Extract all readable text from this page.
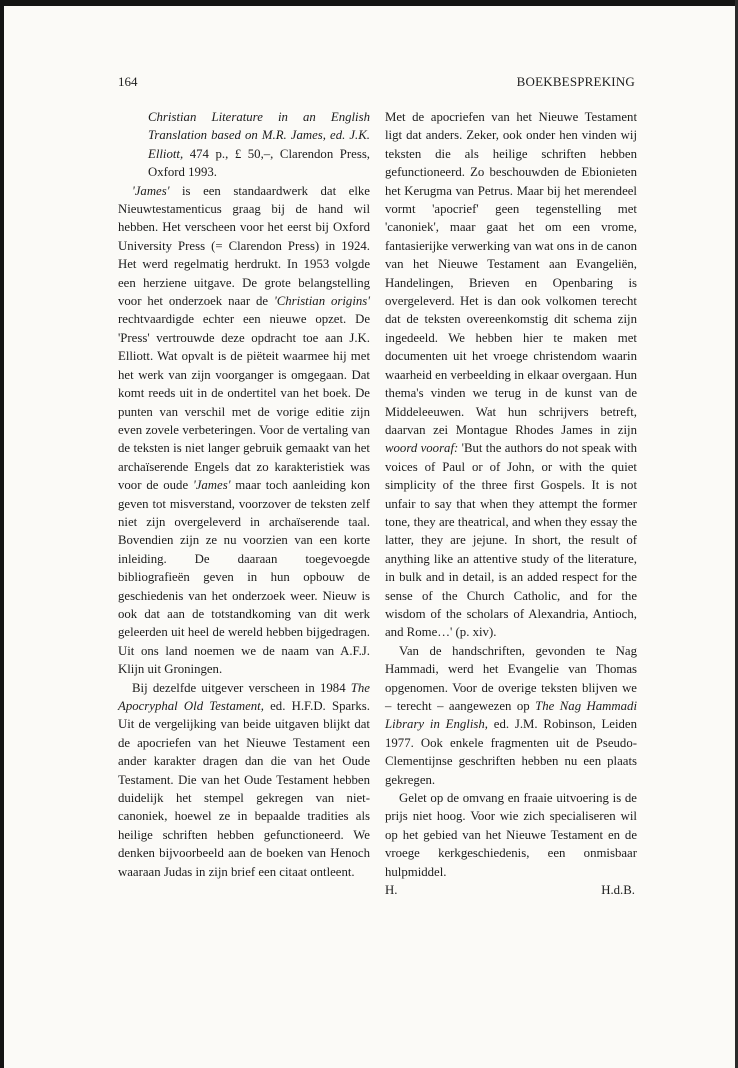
164	BOEKBESPREKING

Christian Literature in an English Translation based on M.R. James, ed. J.K. Elliott, 474 p., £ 50,–, Clarendon Press, Oxford 1993.

'James' is een standaardwerk dat elke Nieuwtestamenticus graag bij de hand wil hebben. Het verscheen voor het eerst bij Oxford University Press (= Clarendon Press) in 1924. Het werd regelmatig herdrukt. In 1953 volgde een herziene uitgave. De grote belangstelling voor het onderzoek naar de 'Christian origins' rechtvaardigde echter een nieuwe opzet. De 'Press' vertrouwde deze opdracht toe aan J.K. Elliott. Wat opvalt is de piëteit waarmee hij met het werk van zijn voorganger is omgegaan. Dat komt reeds uit in de ondertitel van het boek. De punten van verschil met de vorige editie zijn even zovele verbeteringen. Voor de vertaling van de teksten is niet langer gebruik gemaakt van het archaïserende Engels dat zo karakteristiek was voor de oude 'James' maar toch aanleiding kon geven tot misverstand, voorzover de teksten zelf niet zijn overgeleverd in archaïserende taal. Bovendien zijn ze nu voorzien van een korte inleiding. De daaraan toegevoegde bibliografieën geven in hun opbouw de geschiedenis van het onderzoek weer. Nieuw is ook dat aan de totstandkoming van dit werk geleerden uit heel de wereld hebben bijgedragen. Uit ons land noemen we de naam van A.F.J. Klijn uit Groningen.

Bij dezelfde uitgever verscheen in 1984 The Apocryphal Old Testament, ed. H.F.D. Sparks. Uit de vergelijking van beide uitgaven blijkt dat de apocriefen van het Nieuwe Testament een ander karakter dragen dan die van het Oude Testament. Die van het Oude Testament hebben duidelijk het stempel gekregen van niet-canoniek, hoewel ze in bepaalde tradities als heilige schriften hebben gefunctioneerd. We denken bijvoorbeeld aan de boeken van Henoch waaraan Judas in zijn brief een citaat ontleent.

Met de apocriefen van het Nieuwe Testament ligt dat anders. Zeker, ook onder hen vinden wij teksten die als heilige schriften hebben gefunctioneerd. Zo beschouwden de Ebionieten het Kerugma van Petrus. Maar bij het merendeel vormt 'apocrief' geen tegenstelling met 'canoniek', maar gaat het om een vrome, fantasierijke verwerking van wat ons in de canon van het Nieuwe Testament aan Evangeliën, Handelingen, Brieven en Openbaring is overgeleverd. Het is dan ook volkomen terecht dat de teksten overeenkomstig dit schema zijn ingedeeld. We hebben hier te maken met documenten uit het vroege christendom waarin waarheid en verbeelding in elkaar overgaan. Hun thema's vinden we terug in de kunst van de Middeleeuwen. Wat hun schrijvers betreft, daarvan zei Montague Rhodes James in zijn woord vooraf: 'But the authors do not speak with voices of Paul or of John, or with the quiet simplicity of the three first Gospels. It is not unfair to say that when they attempt the former tone, they are theatrical, and when they essay the latter, they are jejune. In short, the result of anything like an attentive study of the literature, in bulk and in detail, is an added respect for the sense of the Church Catholic, and for the wisdom of the scholars of Alexandria, Antioch, and Rome…' (p. xiv).

Van de handschriften, gevonden te Nag Hammadi, werd het Evangelie van Thomas opgenomen. Voor de overige teksten blijven we – terecht – aangewezen op The Nag Hammadi Library in English, ed. J.M. Robinson, Leiden 1977. Ook enkele fragmenten uit de Pseudo-Clementijnse geschriften hebben nu een plaats gekregen.

Gelet op de omvang en fraaie uitvoering is de prijs niet hoog. Voor wie zich specialiseren wil op het gebied van het Nieuwe Testament en de vroege kerkgeschiedenis, een onmisbaar hulpmiddel.

H.	H.d.B.
